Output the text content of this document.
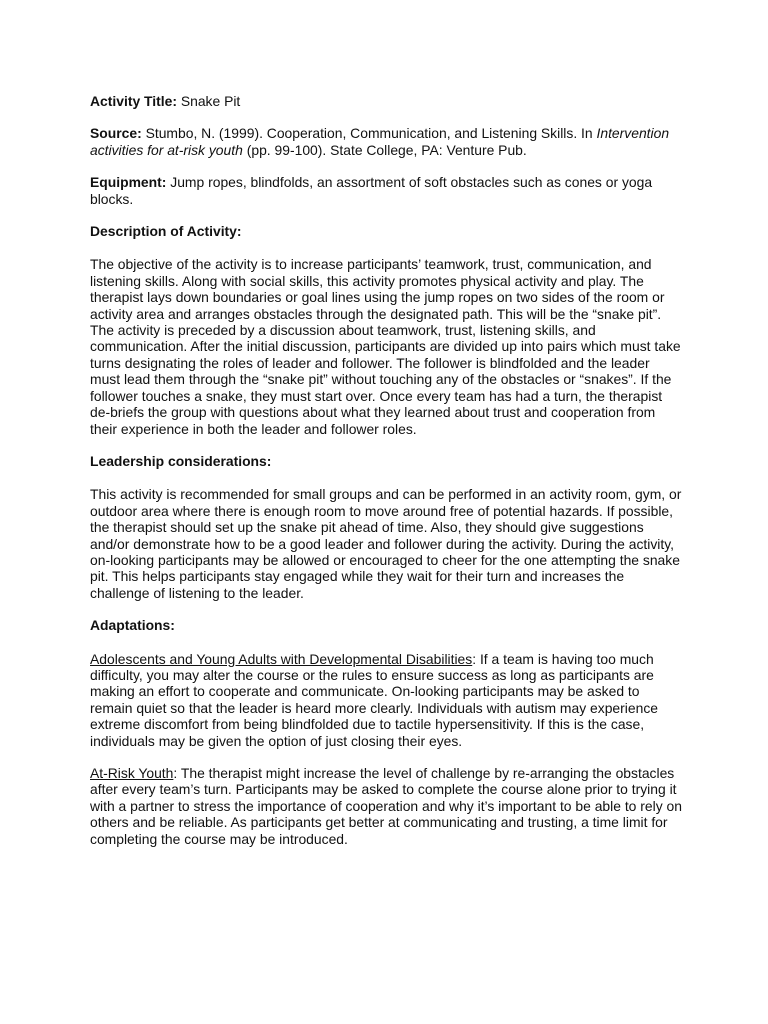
Activity Title: Snake Pit

Source: Stumbo, N. (1999). Cooperation, Communication, and Listening Skills. In Intervention activities for at-risk youth (pp. 99-100). State College, PA: Venture Pub.

Equipment: Jump ropes, blindfolds, an assortment of soft obstacles such as cones or yoga blocks.

Description of Activity:

The objective of the activity is to increase participants’ teamwork, trust, communication, and listening skills. Along with social skills, this activity promotes physical activity and play. The therapist lays down boundaries or goal lines using the jump ropes on two sides of the room or activity area and arranges obstacles through the designated path. This will be the “snake pit”. The activity is preceded by a discussion about teamwork, trust, listening skills, and communication. After the initial discussion, participants are divided up into pairs which must take turns designating the roles of leader and follower. The follower is blindfolded and the leader must lead them through the “snake pit” without touching any of the obstacles or “snakes”. If the follower touches a snake, they must start over. Once every team has had a turn, the therapist de-briefs the group with questions about what they learned about trust and cooperation from their experience in both the leader and follower roles.

Leadership considerations:

This activity is recommended for small groups and can be performed in an activity room, gym, or outdoor area where there is enough room to move around free of potential hazards. If possible, the therapist should set up the snake pit ahead of time. Also, they should give suggestions and/or demonstrate how to be a good leader and follower during the activity. During the activity, on-looking participants may be allowed or encouraged to cheer for the one attempting the snake pit. This helps participants stay engaged while they wait for their turn and increases the challenge of listening to the leader.

Adaptations:

Adolescents and Young Adults with Developmental Disabilities: If a team is having too much difficulty, you may alter the course or the rules to ensure success as long as participants are making an effort to cooperate and communicate. On-looking participants may be asked to remain quiet so that the leader is heard more clearly. Individuals with autism may experience extreme discomfort from being blindfolded due to tactile hypersensitivity. If this is the case, individuals may be given the option of just closing their eyes.

At-Risk Youth: The therapist might increase the level of challenge by re-arranging the obstacles after every team’s turn. Participants may be asked to complete the course alone prior to trying it with a partner to stress the importance of cooperation and why it’s important to be able to rely on others and be reliable. As participants get better at communicating and trusting, a time limit for completing the course may be introduced.
